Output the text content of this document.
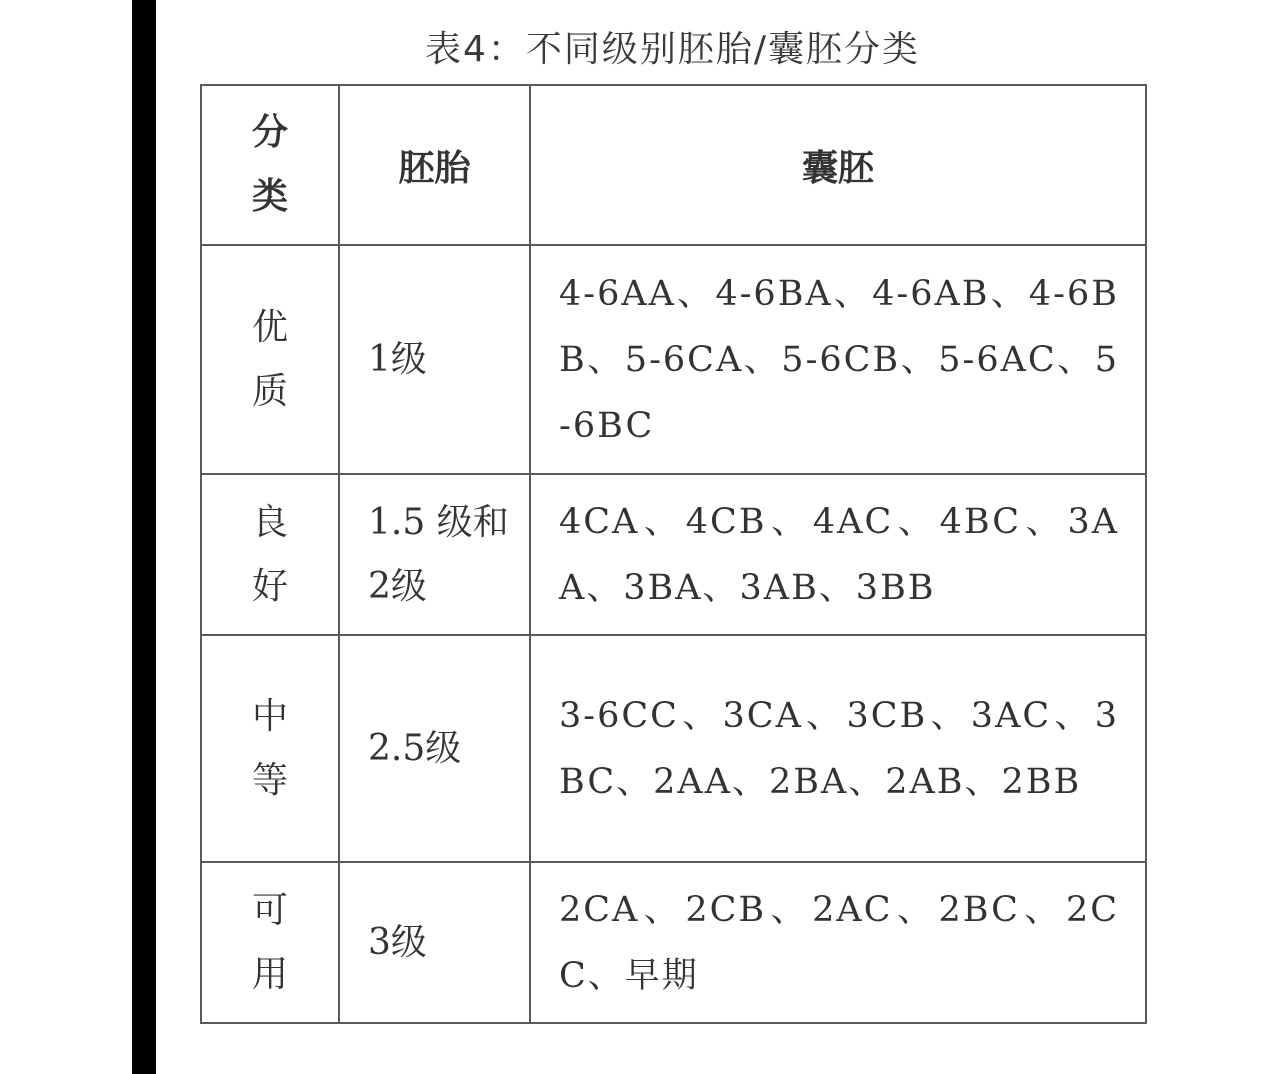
表4：不同级别胚胎/囊胚分类
分类	胚胎	囊胚
优质	1级	4-6AA、4-6BA、4-6AB、4-6BB、5-6CA、5-6CB、5-6AC、5-6BC
良好	1.5 级和2级	4CA、4CB、4AC、4BC、3AA、3BA、3AB、3BB
中等	2.5级	3-6CC、3CA、3CB、3AC、3BC、2AA、2BA、2AB、2BB
可用	3级	2CA、2CB、2AC、2BC、2CC、早期
